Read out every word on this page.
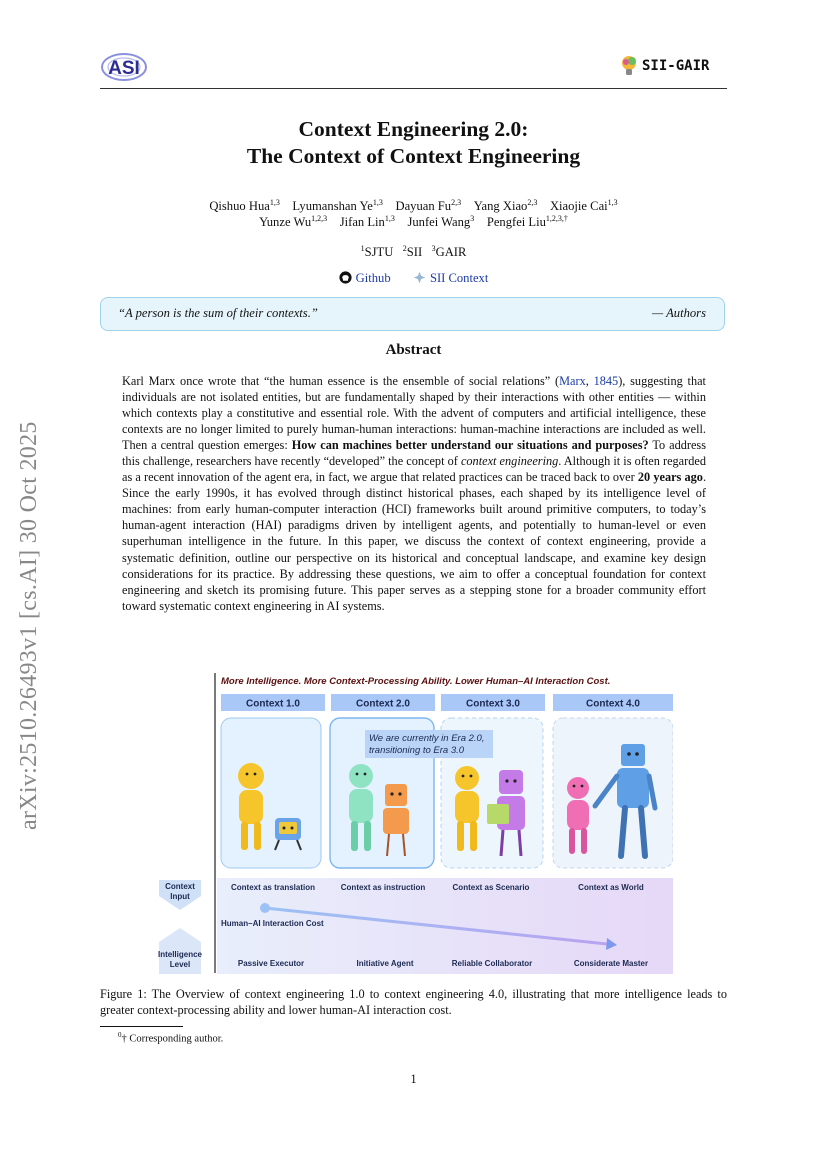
ASI	SII-GAIR
arXiv:2510.26493v1 [cs.AI] 30 Oct 2025
Context Engineering 2.0:
The Context of Context Engineering
Qishuo Hua$^{1,3}$ Lyumanshan Ye$^{1,3}$ Dayuan Fu$^{2,3}$ Yang Xiao$^{2,3}$ Xiaojie Cai$^{1,3}$
Yunze Wu$^{1,2,3}$ Jifan Lin$^{1,3}$ Junfei Wang$^3$ Pengfei Liu$^{1,2,3,\dagger}$
$^1$SJTU $^2$SII $^3$GAIR
Github	SII Context
“A person is the sum of their contexts.”	— Authors
Abstract
Karl Marx once wrote that “the human essence is the ensemble of social relations” (Marx, 1845), suggesting that individuals are not isolated entities, but are fundamentally shaped by their interactions with other entities — within which contexts play a constitutive and essential role. With the advent of computers and artificial intelligence, these contexts are no longer limited to purely human-human interactions: human-machine interactions are included as well. Then a central question emerges: How can machines better understand our situations and purposes? To address this challenge, researchers have recently “developed” the concept of context engineering. Although it is often regarded as a recent innovation of the agent era, in fact, we argue that related practices can be traced back to over 20 years ago. Since the early 1990s, it has evolved through distinct historical phases, each shaped by its intelligence level of machines: from early human-computer interaction (HCI) frameworks built around primitive computers, to today’s human-agent interaction (HAI) paradigms driven by intelligent agents, and potentially to human-level or even superhuman intelligence in the future. In this paper, we discuss the context of context engineering, provide a systematic definition, outline our perspective on its historical and conceptual landscape, and examine key design considerations for its practice. By addressing these questions, we aim to offer a conceptual foundation for context engineering and sketch its promising future. This paper serves as a stepping stone for a broader community effort toward systematic context engineering in AI systems.
More Intelligence. More Context-Processing Ability. Lower Human–AI Interaction Cost.
Context 1.0	Context 2.0	Context 3.0	Context 4.0
We are currently in Era 2.0,
transitioning to Era 3.0
Context
Input
Intelligence
Level
Context as translation	Context as instruction	Context as Scenario	Context as World
Human–AI Interaction Cost
Passive Executor	Initiative Agent	Reliable Collaborator	Considerate Master
Figure 1: The Overview of context engineering 1.0 to context engineering 4.0, illustrating that more intelligence leads to greater context-processing ability and lower human-AI interaction cost.
$^0$† Corresponding author.
1
